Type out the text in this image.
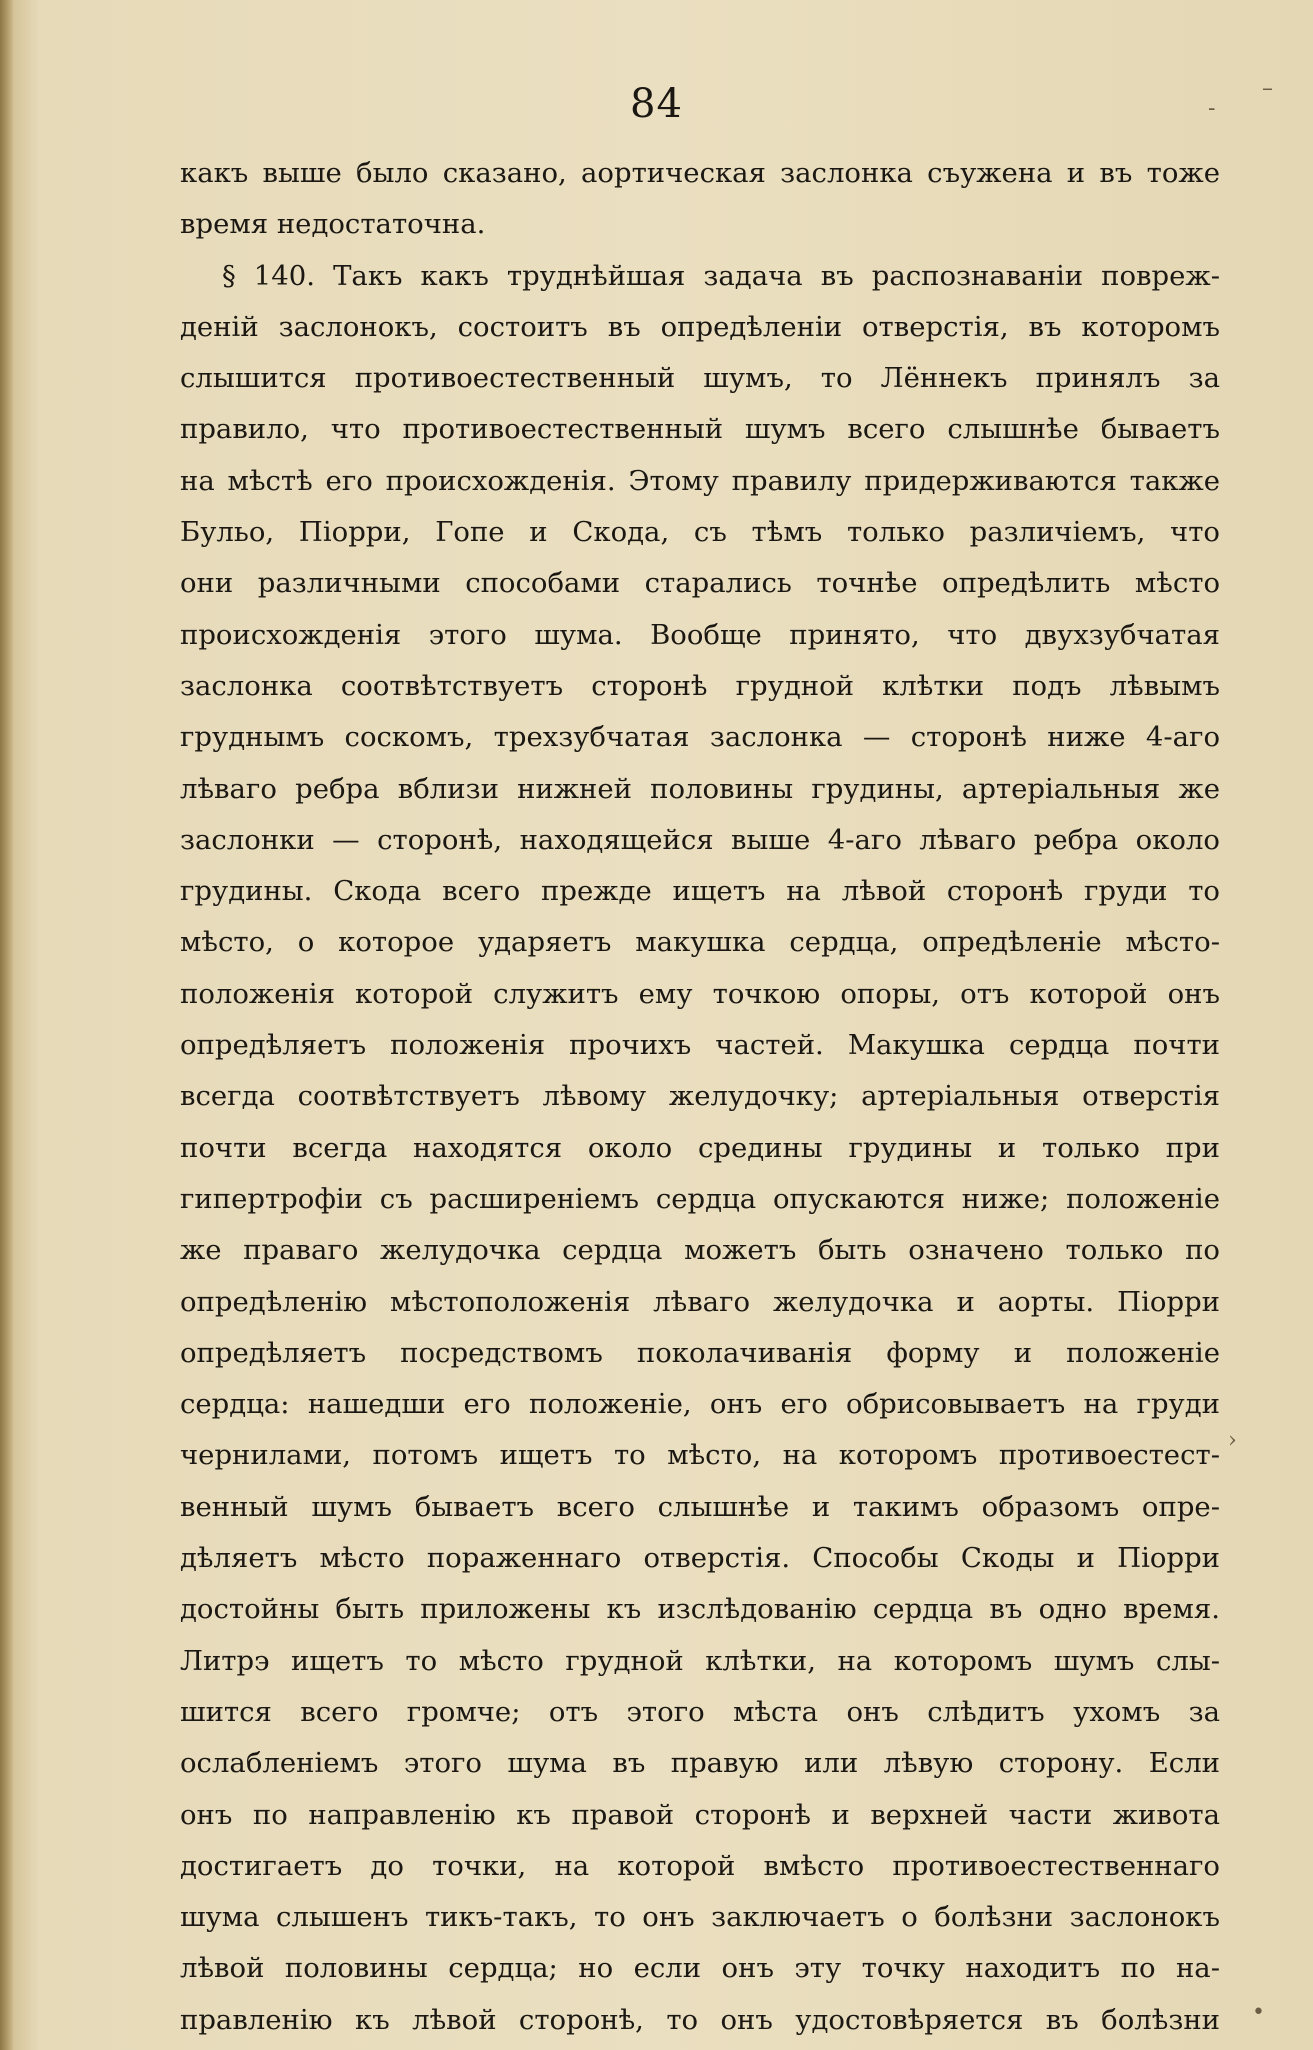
84
какъ выше было сказано, аортическая заслонка съужена и въ тоже
время недостаточна.
§ 140. Такъ какъ труднѣйшая задача въ распознаваніи повреж-
деній заслонокъ, состоитъ въ опредѣленіи отверстія, въ которомъ
слышится противоестественный шумъ, то Лённекъ принялъ за
правило, что противоестественный шумъ всего слышнѣе бываетъ
на мѣстѣ его происхожденія. Этому правилу придерживаются также
Бульо, Піорри, Гопе и Скода, съ тѣмъ только различіемъ, что
они различными способами старались точнѣе опредѣлить мѣсто
происхожденія этого шума. Вообще принято, что двухзубчатая
заслонка соотвѣтствуетъ сторонѣ грудной клѣтки подъ лѣвымъ
груднымъ соскомъ, трехзубчатая заслонка — сторонѣ ниже 4-аго
лѣваго ребра вблизи нижней половины грудины, артеріальныя же
заслонки — сторонѣ, находящейся выше 4-аго лѣваго ребра около
грудины. Скода всего прежде ищетъ на лѣвой сторонѣ груди то
мѣсто, о которое ударяетъ макушка сердца, опредѣленіе мѣсто-
положенія которой служитъ ему точкою опоры, отъ которой онъ
опредѣляетъ положенія прочихъ частей. Макушка сердца почти
всегда соотвѣтствуетъ лѣвому желудочку; артеріальныя отверстія
почти всегда находятся около средины грудины и только при
гипертрофіи съ расширеніемъ сердца опускаются ниже; положеніе
же праваго желудочка сердца можетъ быть означено только по
опредѣленію мѣстоположенія лѣваго желудочка и аорты. Піорри
опредѣляетъ посредствомъ поколачиванія форму и положеніе
сердца: нашедши его положеніе, онъ его обрисовываетъ на груди
чернилами, потомъ ищетъ то мѣсто, на которомъ противоестест-
венный шумъ бываетъ всего слышнѣе и такимъ образомъ опре-
дѣляетъ мѣсто пораженнаго отверстія. Способы Скоды и Піорри
достойны быть приложены къ изслѣдованію сердца въ одно время.
Литрэ ищетъ то мѣсто грудной клѣтки, на которомъ шумъ слы-
шится всего громче; отъ этого мѣста онъ слѣдитъ ухомъ за
ослабленіемъ этого шума въ правую или лѣвую сторону. Если
онъ по направленію къ правой сторонѣ и верхней части живота
достигаетъ до точки, на которой вмѣсто противоестественнаго
шума слышенъ тикъ-такъ, то онъ заключаетъ о болѣзни заслонокъ
лѣвой половины сердца; но если онъ эту точку находитъ по на-
правленію къ лѣвой сторонѣ, то онъ удостовѣряется въ болѣзни
–
-
›
•
